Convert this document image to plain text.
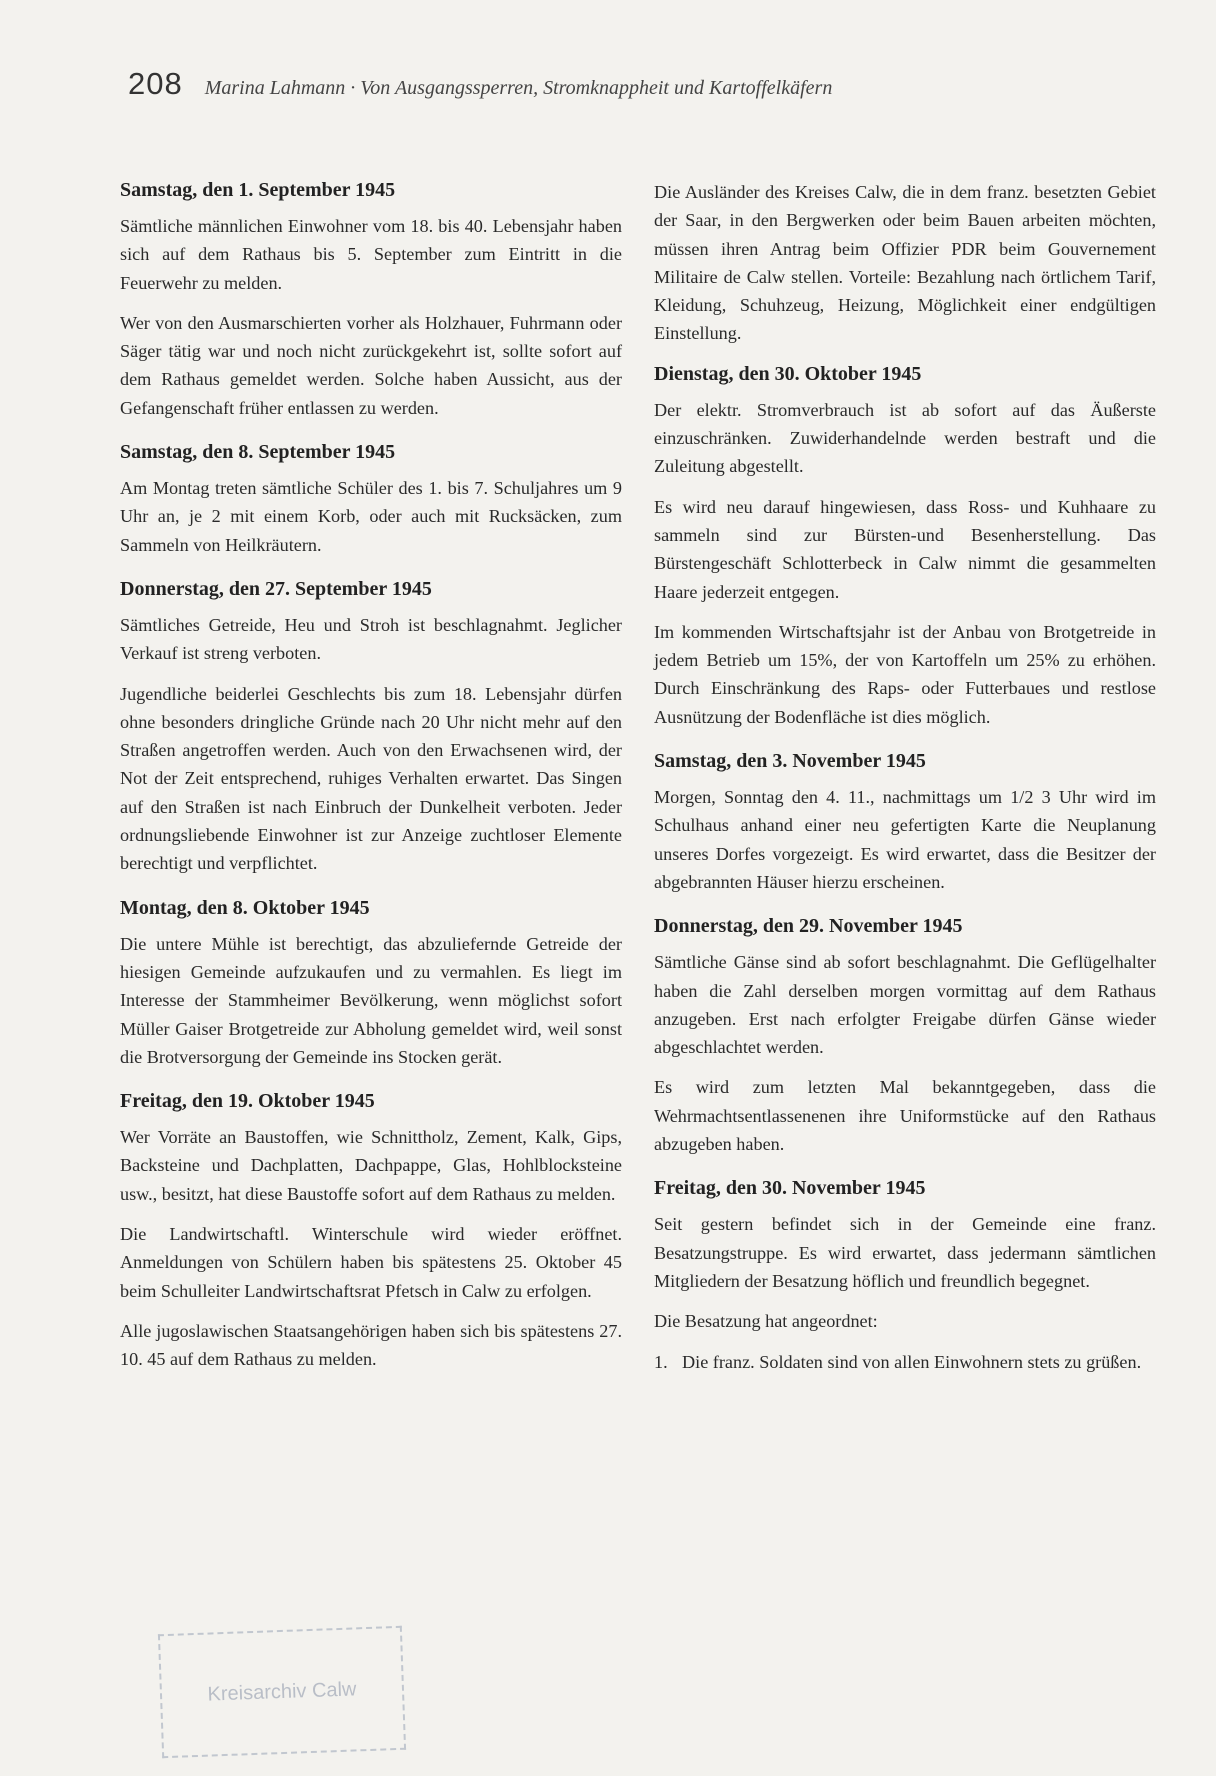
208 Marina Lahmann · Von Ausgangssperren, Stromknappheit und Kartoffelkäfern
Samstag, den 1. September 1945

Sämtliche männlichen Einwohner vom 18. bis 40. Lebensjahr haben sich auf dem Rathaus bis 5. September zum Eintritt in die Feuerwehr zu melden.

Wer von den Ausmarschierten vorher als Holzhauer, Fuhrmann oder Säger tätig war und noch nicht zurückgekehrt ist, sollte sofort auf dem Rathaus gemeldet werden. Solche haben Aussicht, aus der Gefangenschaft früher entlassen zu werden.

Samstag, den 8. September 1945

Am Montag treten sämtliche Schüler des 1. bis 7. Schuljahres um 9 Uhr an, je 2 mit einem Korb, oder auch mit Rucksäcken, zum Sammeln von Heilkräutern.

Donnerstag, den 27. September 1945

Sämtliches Getreide, Heu und Stroh ist beschlagnahmt. Jeglicher Verkauf ist streng verboten.

Jugendliche beiderlei Geschlechts bis zum 18. Lebensjahr dürfen ohne besonders dringliche Gründe nach 20 Uhr nicht mehr auf den Straßen angetroffen werden. Auch von den Erwachsenen wird, der Not der Zeit entsprechend, ruhiges Verhalten erwartet. Das Singen auf den Straßen ist nach Einbruch der Dunkelheit verboten. Jeder ordnungsliebende Einwohner ist zur Anzeige zuchtloser Elemente berechtigt und verpflichtet.

Montag, den 8. Oktober 1945

Die untere Mühle ist berechtigt, das abzuliefernde Getreide der hiesigen Gemeinde aufzukaufen und zu vermahlen. Es liegt im Interesse der Stammheimer Bevölkerung, wenn möglichst sofort Müller Gaiser Brotgetreide zur Abholung gemeldet wird, weil sonst die Brotversorgung der Gemeinde ins Stocken gerät.

Freitag, den 19. Oktober 1945

Wer Vorräte an Baustoffen, wie Schnittholz, Zement, Kalk, Gips, Backsteine und Dachplatten, Dachpappe, Glas, Hohlblocksteine usw., besitzt, hat diese Baustoffe sofort auf dem Rathaus zu melden.

Die Landwirtschaftl. Winterschule wird wieder eröffnet. Anmeldungen von Schülern haben bis spätestens 25. Oktober 45 beim Schulleiter Landwirtschaftsrat Pfetsch in Calw zu erfolgen.

Alle jugoslawischen Staatsangehörigen haben sich bis spätestens 27. 10. 45 auf dem Rathaus zu melden.

Die Ausländer des Kreises Calw, die in dem franz. besetzten Gebiet der Saar, in den Bergwerken oder beim Bauen arbeiten möchten, müssen ihren Antrag beim Offizier PDR beim Gouvernement Militaire de Calw stellen. Vorteile: Bezahlung nach örtlichem Tarif, Kleidung, Schuhzeug, Heizung, Möglichkeit einer endgültigen Einstellung.

Dienstag, den 30. Oktober 1945

Der elektr. Stromverbrauch ist ab sofort auf das Äußerste einzuschränken. Zuwiderhandelnde werden bestraft und die Zuleitung abgestellt.

Es wird neu darauf hingewiesen, dass Ross- und Kuhhaare zu sammeln sind zur Bürsten-und Besenherstellung. Das Bürstengeschäft Schlotterbeck in Calw nimmt die gesammelten Haare jederzeit entgegen.

Im kommenden Wirtschaftsjahr ist der Anbau von Brotgetreide in jedem Betrieb um 15%, der von Kartoffeln um 25% zu erhöhen. Durch Einschränkung des Raps- oder Futterbaues und restlose Ausnützung der Bodenfläche ist dies möglich.

Samstag, den 3. November 1945

Morgen, Sonntag den 4. 11., nachmittags um 1/2 3 Uhr wird im Schulhaus anhand einer neu gefertigten Karte die Neuplanung unseres Dorfes vorgezeigt. Es wird erwartet, dass die Besitzer der abgebrannten Häuser hierzu erscheinen.

Donnerstag, den 29. November 1945

Sämtliche Gänse sind ab sofort beschlagnahmt. Die Geflügelhalter haben die Zahl derselben morgen vormittag auf dem Rathaus anzugeben. Erst nach erfolgter Freigabe dürfen Gänse wieder abgeschlachtet werden.

Es wird zum letzten Mal bekanntgegeben, dass die Wehrmachtsentlassenenen ihre Uniformstücke auf den Rathaus abzugeben haben.

Freitag, den 30. November 1945

Seit gestern befindet sich in der Gemeinde eine franz. Besatzungstruppe. Es wird erwartet, dass jedermann sämtlichen Mitgliedern der Besatzung höflich und freundlich begegnet.

Die Besatzung hat angeordnet:

1. Die franz. Soldaten sind von allen Einwohnern stets zu grüßen.
Kreisarchiv Calw
